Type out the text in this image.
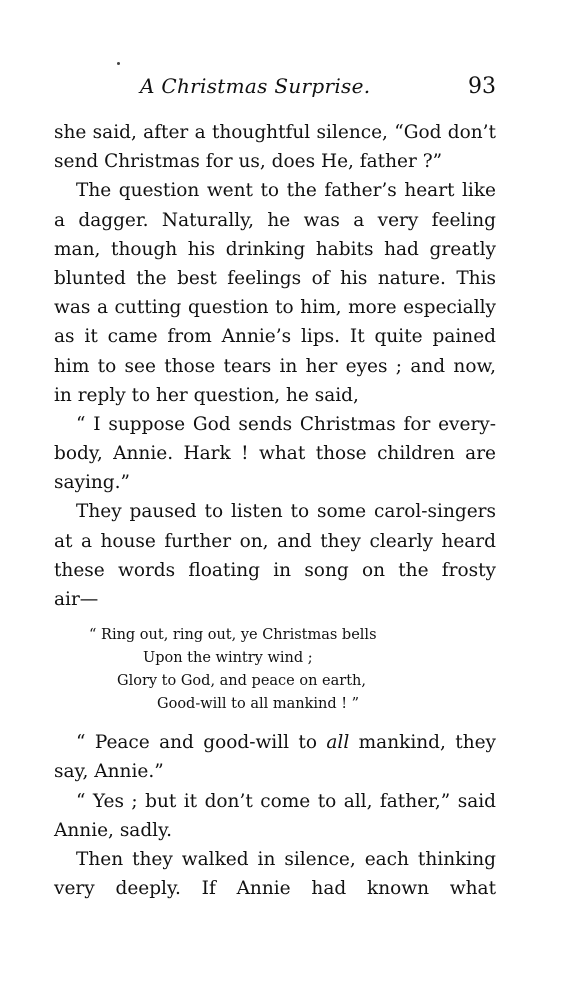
A Christmas Surprise.	93
she said, after a thoughtful silence, “God don’t
send Christmas for us, does He, father ?”
The question went to the father’s heart like
a dagger. Naturally, he was a very feeling
man, though his drinking habits had greatly
blunted the best feelings of his nature. This
was a cutting question to him, more especially
as it came from Annie’s lips. It quite pained
him to see those tears in her eyes ; and now,
in reply to her question, he said,
“ I suppose God sends Christmas for every-
body, Annie. Hark ! what those children are
saying.”
They paused to listen to some carol-singers
at a house further on, and they clearly heard
these words floating in song on the frosty
air—
“ Ring out, ring out, ye Christmas bells
Upon the wintry wind ;
Glory to God, and peace on earth,
Good-will to all mankind ! ”
“ Peace and good-will to all mankind, they
say, Annie.”
“ Yes ; but it don’t come to all, father,” said
Annie, sadly.
Then they walked in silence, each thinking
very deeply. If Annie had known what
